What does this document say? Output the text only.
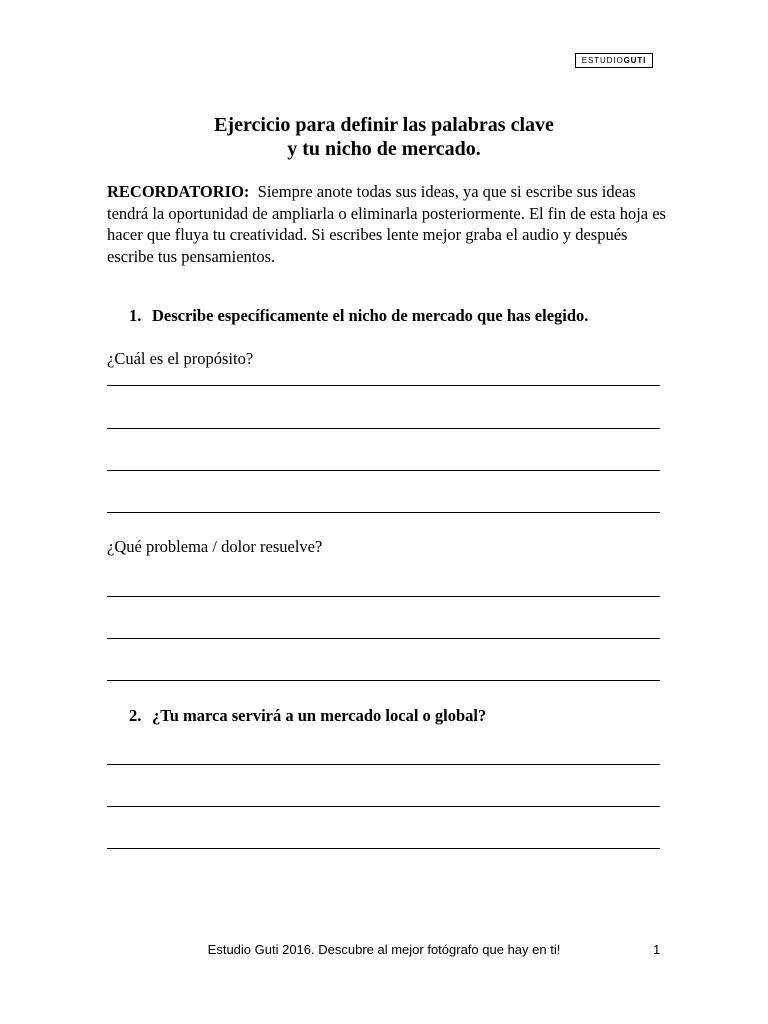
ESTUDIO GUTI
Ejercicio para definir las palabras clave
y tu nicho de mercado.

RECORDATORIO: Siempre anote todas sus ideas, ya que si escribe sus ideas tendrá la oportunidad de ampliarla o eliminarla posteriormente. El fin de esta hoja es hacer que fluya tu creatividad. Si escribes lente mejor graba el audio y después escribe tus pensamientos.

1. Describe específicamente el nicho de mercado que has elegido.
¿Cuál es el propósito?
¿Qué problema / dolor resuelve?
2. ¿Tu marca servirá a un mercado local o global?
Estudio Guti 2016. Descubre al mejor fotógrafo que hay en ti!	1
